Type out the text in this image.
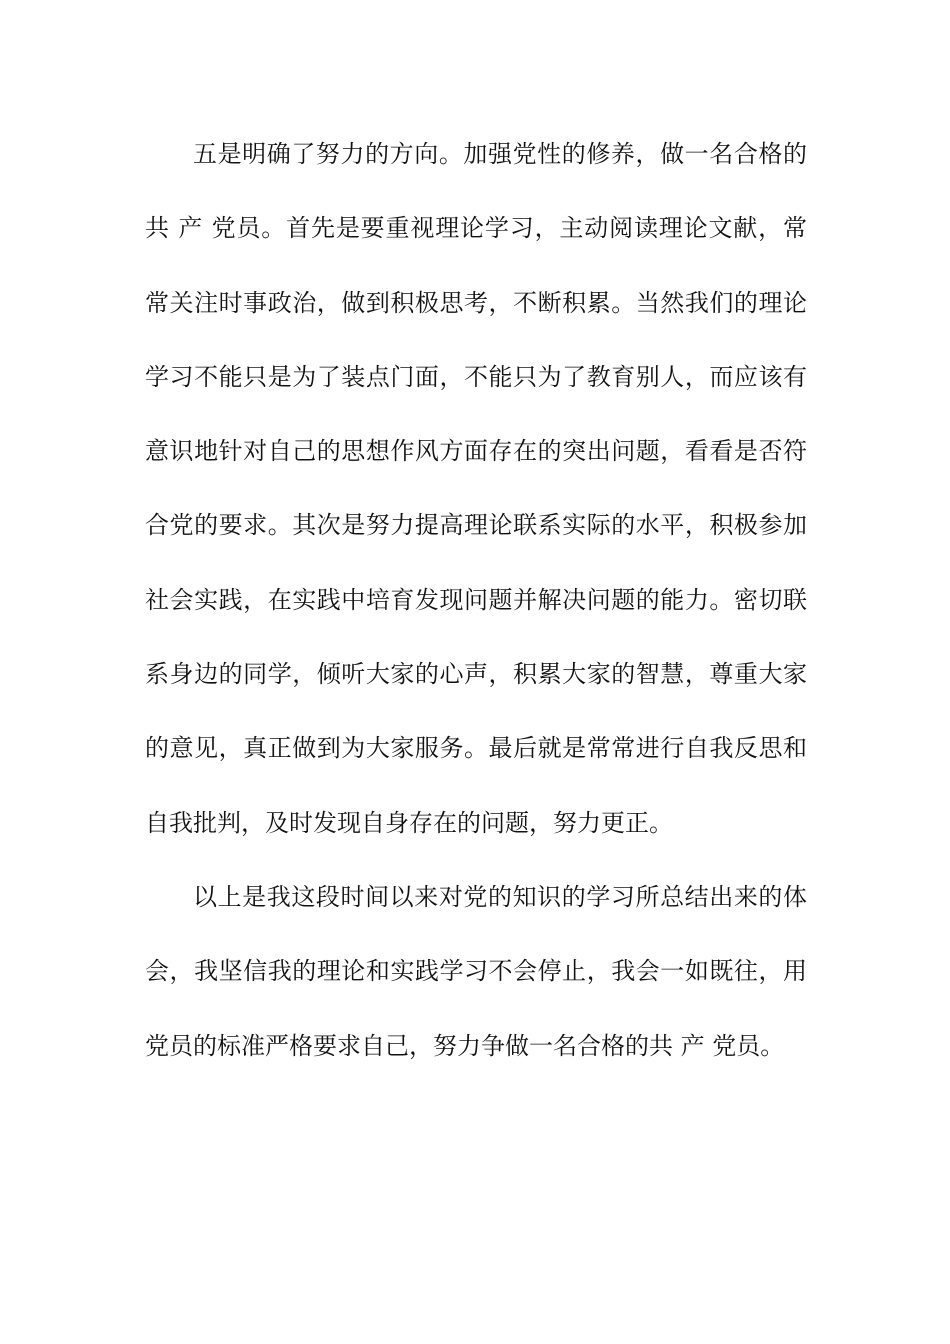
五是明确了努力的方向。加强党性的修养，做一名合格的
共 产 党员。首先是要重视理论学习，主动阅读理论文献，常
常关注时事政治，做到积极思考，不断积累。当然我们的理论
学习不能只是为了装点门面，不能只为了教育别人，而应该有
意识地针对自己的思想作风方面存在的突出问题，看看是否符
合党的要求。其次是努力提高理论联系实际的水平，积极参加
社会实践，在实践中培育发现问题并解决问题的能力。密切联
系身边的同学，倾听大家的心声，积累大家的智慧，尊重大家
的意见，真正做到为大家服务。最后就是常常进行自我反思和
自我批判，及时发现自身存在的问题，努力更正。
以上是我这段时间以来对党的知识的学习所总结出来的体
会，我坚信我的理论和实践学习不会停止，我会一如既往，用
党员的标准严格要求自己，努力争做一名合格的共 产 党员。
